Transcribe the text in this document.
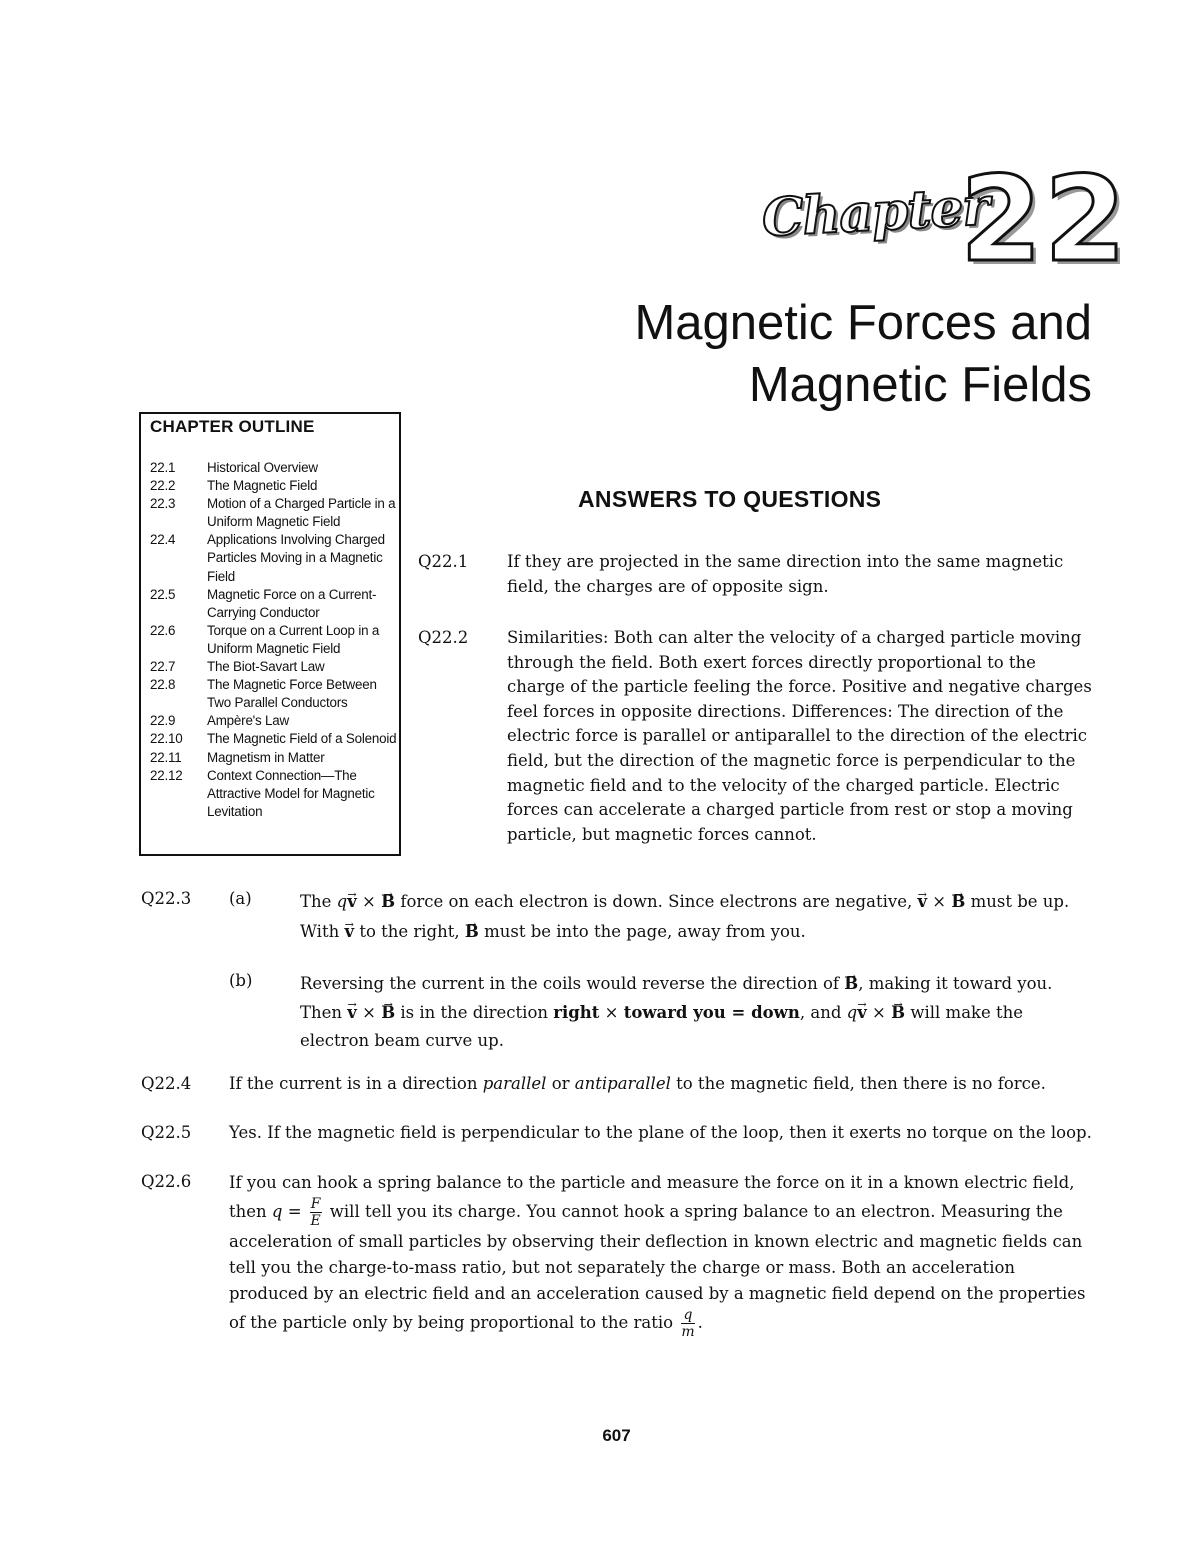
Chapter
22
Magnetic Forces and
Magnetic Fields
CHAPTER OUTLINE
22.1	Historical Overview
22.2	The Magnetic Field
22.3	Motion of a Charged Particle in a Uniform Magnetic Field
22.4	Applications Involving Charged Particles Moving in a Magnetic Field
22.5	Magnetic Force on a Current-Carrying Conductor
22.6	Torque on a Current Loop in a Uniform Magnetic Field
22.7	The Biot-Savart Law
22.8	The Magnetic Force Between Two Parallel Conductors
22.9	Ampère's Law
22.10	The Magnetic Field of a Solenoid
22.11	Magnetism in Matter
22.12	Context Connection—The Attractive Model for Magnetic Levitation
ANSWERS TO QUESTIONS
Q22.1 If they are projected in the same direction into the same magnetic field, the charges are of opposite sign.
Q22.2 Similarities: Both can alter the velocity of a charged particle moving through the field. Both exert forces directly proportional to the charge of the particle feeling the force. Positive and negative charges feel forces in opposite directions. Differences: The direction of the electric force is parallel or antiparallel to the direction of the electric field, but the direction of the magnetic force is perpendicular to the magnetic field and to the velocity of the charged particle. Electric forces can accelerate a charged particle from rest or stop a moving particle, but magnetic forces cannot.
Q22.3 (a)	The q→ v × → B force on each electron is down. Since electrons are negative, → v × → B must be up.
With → v to the right, → B must be into the page, away from you.
(b)	Reversing the current in the coils would reverse the direction of → B, making it toward you.
Then → v × → B is in the direction right × toward you = down, and q→ v × → B will make the electron beam curve up.
Q22.4 If the current is in a direction parallel or antiparallel to the magnetic field, then there is no force.
Q22.5 Yes. If the magnetic field is perpendicular to the plane of the loop, then it exerts no torque on the loop.
Q22.6 If you can hook a spring balance to the particle and measure the force on it in a known electric field, then $q = \frac{F}{E}$ will tell you its charge. You cannot hook a spring balance to an electron. Measuring the acceleration of small particles by observing their deflection in known electric and magnetic fields can tell you the charge-to-mass ratio, but not separately the charge or mass. Both an acceleration produced by an electric field and an acceleration caused by a magnetic field depend on the properties of the particle only by being proportional to the ratio $\frac{q}{m}$ .
607
